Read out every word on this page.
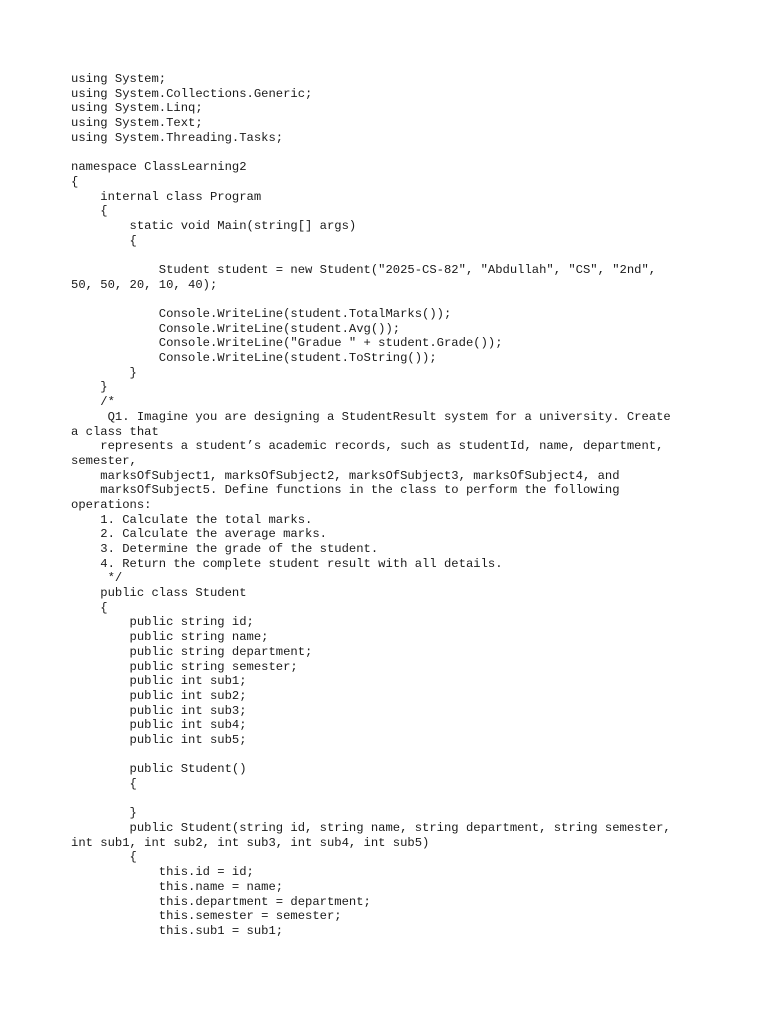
using System;
using System.Collections.Generic;
using System.Linq;
using System.Text;
using System.Threading.Tasks;
namespace ClassLearning2
{
internal class Program
{
static void Main(string[] args)
{
Student student = new Student("2025-CS-82", "Abdullah", "CS", "2nd",
50, 50, 20, 10, 40);
Console.WriteLine(student.TotalMarks());
Console.WriteLine(student.Avg());
Console.WriteLine("Gradue " + student.Grade());
Console.WriteLine(student.ToString());
}
}
/*
Q1. Imagine you are designing a StudentResult system for a university. Create
a class that
represents a student’s academic records, such as studentId, name, department,
semester,
marksOfSubject1, marksOfSubject2, marksOfSubject3, marksOfSubject4, and
marksOfSubject5. Define functions in the class to perform the following
operations:
1. Calculate the total marks.
2. Calculate the average marks.
3. Determine the grade of the student.
4. Return the complete student result with all details.
*/
public class Student
{
public string id;
public string name;
public string department;
public string semester;
public int sub1;
public int sub2;
public int sub3;
public int sub4;
public int sub5;
public Student()
{
}
public Student(string id, string name, string department, string semester,
int sub1, int sub2, int sub3, int sub4, int sub5)
{
this.id = id;
this.name = name;
this.department = department;
this.semester = semester;
this.sub1 = sub1;
